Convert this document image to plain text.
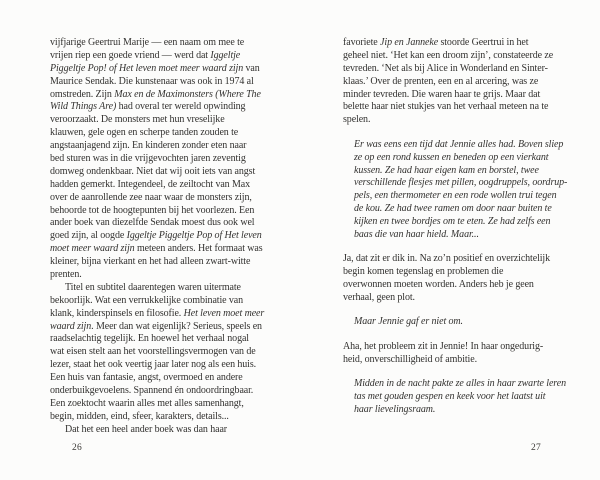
vijfjarige Geertrui Marije — een naam om mee te
vrijen riep een goede vriend — werd dat Iggeltje
Piggeltje Pop! of Het leven moet meer waard zijn van
Maurice Sendak. Die kunstenaar was ook in 1974 al
omstreden. Zijn Max en de Maximonsters (Where The
Wild Things Are) had overal ter wereld opwinding
veroorzaakt. De monsters met hun vreselijke
klauwen, gele ogen en scherpe tanden zouden te
angstaanjagend zijn. En kinderen zonder eten naar
bed sturen was in die vrijgevochten jaren zeventig
domweg ondenkbaar. Niet dat wij ooit iets van angst
hadden gemerkt. Integendeel, de zeiltocht van Max
over de aanrollende zee naar waar de monsters zijn,
behoorde tot de hoogtepunten bij het voorlezen. Een
ander boek van diezelfde Sendak moest dus ook wel
goed zijn, al oogde Iggeltje Piggeltje Pop of Het leven
moet meer waard zijn meteen anders. Het formaat was
kleiner, bijna vierkant en het had alleen zwart-witte
prenten.
Titel en subtitel daarentegen waren uitermate
bekoorlijk. Wat een verrukkelijke combinatie van
klank, kinderspinsels en filosofie. Het leven moet meer
waard zijn. Meer dan wat eigenlijk? Serieus, speels en
raadselachtig tegelijk. En hoewel het verhaal nogal
wat eisen stelt aan het voorstellingsvermogen van de
lezer, staat het ook veertig jaar later nog als een huis.
Een huis van fantasie, angst, overmoed en andere
onderbuikgevoelens. Spannend én ondoordringbaar.
Een zoektocht waarin alles met alles samenhangt,
begin, midden, eind, sfeer, karakters, details...
Dat het een heel ander boek was dan haar
favoriete Jip en Janneke stoorde Geertrui in het
geheel niet. ‘Het kan een droom zijn’, constateerde ze
tevreden. ‘Net als bij Alice in Wonderland en Sinter-
klaas.’ Over de prenten, een en al arcering, was ze
minder tevreden. Die waren haar te grijs. Maar dat
belette haar niet stukjes van het verhaal meteen na te
spelen.
Er was eens een tijd dat Jennie alles had. Boven sliep
ze op een rond kussen en beneden op een vierkant
kussen. Ze had haar eigen kam en borstel, twee
verschillende flesjes met pillen, oogdruppels, oordrup-
pels, een thermometer en een rode wollen trui tegen
de kou. Ze had twee ramen om door naar buiten te
kijken en twee bordjes om te eten. Ze had zelfs een
baas die van haar hield. Maar...
Ja, dat zit er dik in. Na zo’n positief en overzichtelijk
begin komen tegenslag en problemen die
overwonnen moeten worden. Anders heb je geen
verhaal, geen plot.
Maar Jennie gaf er niet om.
Aha, het probleem zit in Jennie! In haar ongedurig-
heid, onverschilligheid of ambitie.
Midden in de nacht pakte ze alles in haar zwarte leren
tas met gouden gespen en keek voor het laatst uit
haar lievelingsraam.
26	27
